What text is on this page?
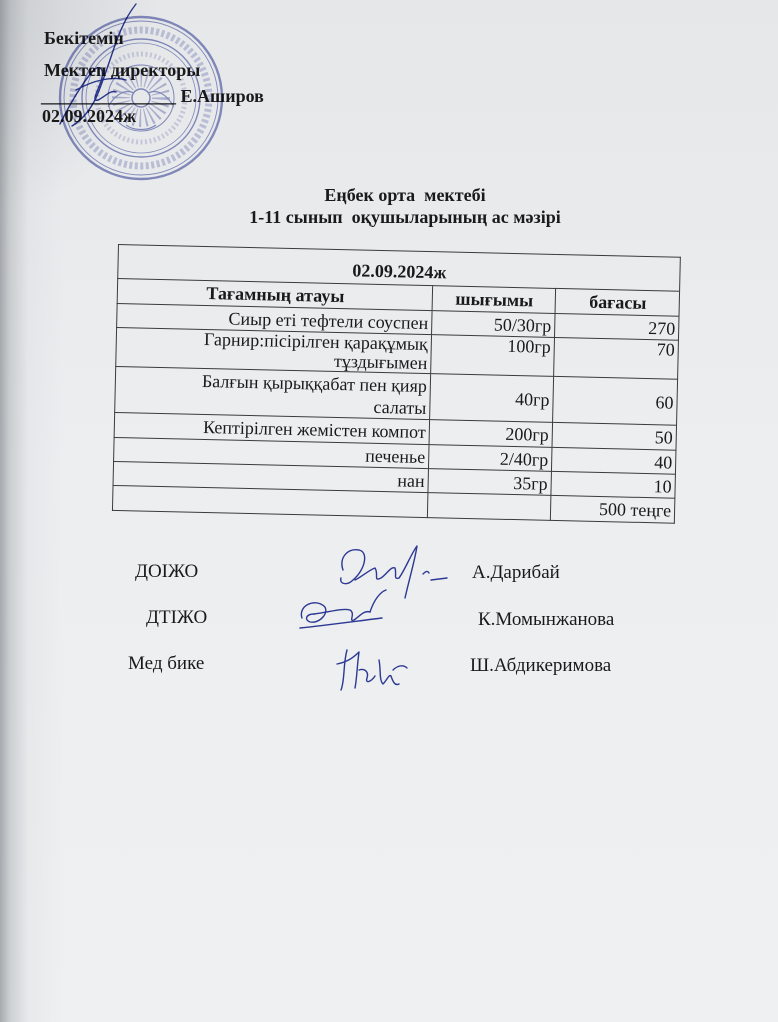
Бекітемін
Мектеп директоры
_______________ Е.Аширов
02.09.2024ж
Еңбек орта  мектебі
1-11 сынып  оқушыларының ас мәзірі
02.09.2024ж		
Тағамның атауы	шығымы	бағасы
Сиыр еті тефтели соуспен	50/30гр	270
Гарнир:пісірілген қарақұмық
тұздығымен	100гр	70
Балғын қырыққабат пен қияр
салаты	40гр	60
Кептірілген жемістен компот	200гр	50
печенье	2/40гр	40
нан	35гр	10
		500 теңге
ДОІЖО	А.Дарибай
ДТІЖО	К.Момынжанова
Мед бике	Ш.Абдикеримова
